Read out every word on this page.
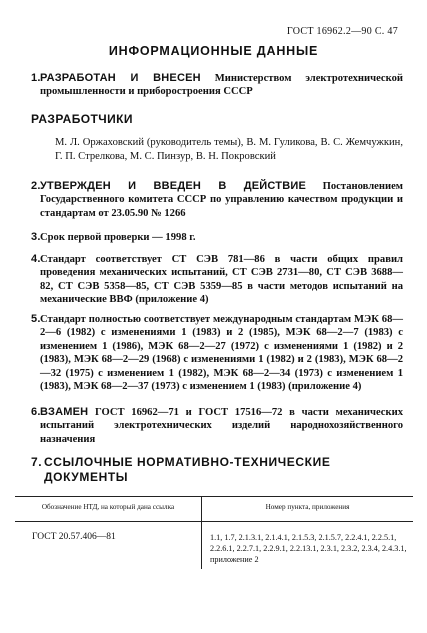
ГОСТ 16962.2—90 С. 47
ИНФОРМАЦИОННЫЕ ДАННЫЕ
1. РАЗРАБОТАН И ВНЕСЕН Министерством электротехнической промышленности и приборостроения СССР
РАЗРАБОТЧИКИ
М. Л. Оржаховский (руководитель темы), В. М. Гуликова, В. С. Жемчужкин, Г. П. Стрелкова, М. С. Пинзур, В. Н. Покровский
2. УТВЕРЖДЕН И ВВЕДЕН В ДЕЙСТВИЕ Постановлением Государственного комитета СССР по управлению качеством продукции и стандартам от 23.05.90 № 1266
3. Срок первой проверки — 1998 г.
4. Стандарт соответствует СТ СЭВ 781—86 в части общих правил проведения механических испытаний, СТ СЭВ 2731—80, СТ СЭВ 3688—82, СТ СЭВ 5358—85, СТ СЭВ 5359—85 в части методов испытаний на механические ВВФ (приложение 4)
5. Стандарт полностью соответствует международным стандартам МЭК 68—2—6 (1982) с изменениями 1 (1983) и 2 (1985), МЭК 68—2—7 (1983) с изменением 1 (1986), МЭК 68—2—27 (1972) с изменениями 1 (1982) и 2 (1983), МЭК 68—2—29 (1968) с изменениями 1 (1982) и 2 (1983), МЭК 68—2—32 (1975) с изменением 1 (1982), МЭК 68—2—34 (1973) с изменением 1 (1983), МЭК 68—2—37 (1973) с изменением 1 (1983) (приложение 4)
6. ВЗАМЕН ГОСТ 16962—71 и ГОСТ 17516—72 в части механических испытаний электротехнических изделий народнохозяйственного назначения
7. ССЫЛОЧНЫЕ НОРМАТИВНО-ТЕХНИЧЕСКИЕ ДОКУМЕНТЫ
Обозначение НТД, на который дана ссылка	Номер пункта, приложения
ГОСТ 20.57.406—81	1.1, 1.7, 2.1.3.1, 2.1.4.1, 2.1.5.3, 2.1.5.7, 2.2.4.1, 2.2.5.1, 2.2.6.1, 2.2.7.1, 2.2.9.1, 2.2.13.1, 2.3.1, 2.3.2, 2.3.4, 2.4.3.1, приложение 2
